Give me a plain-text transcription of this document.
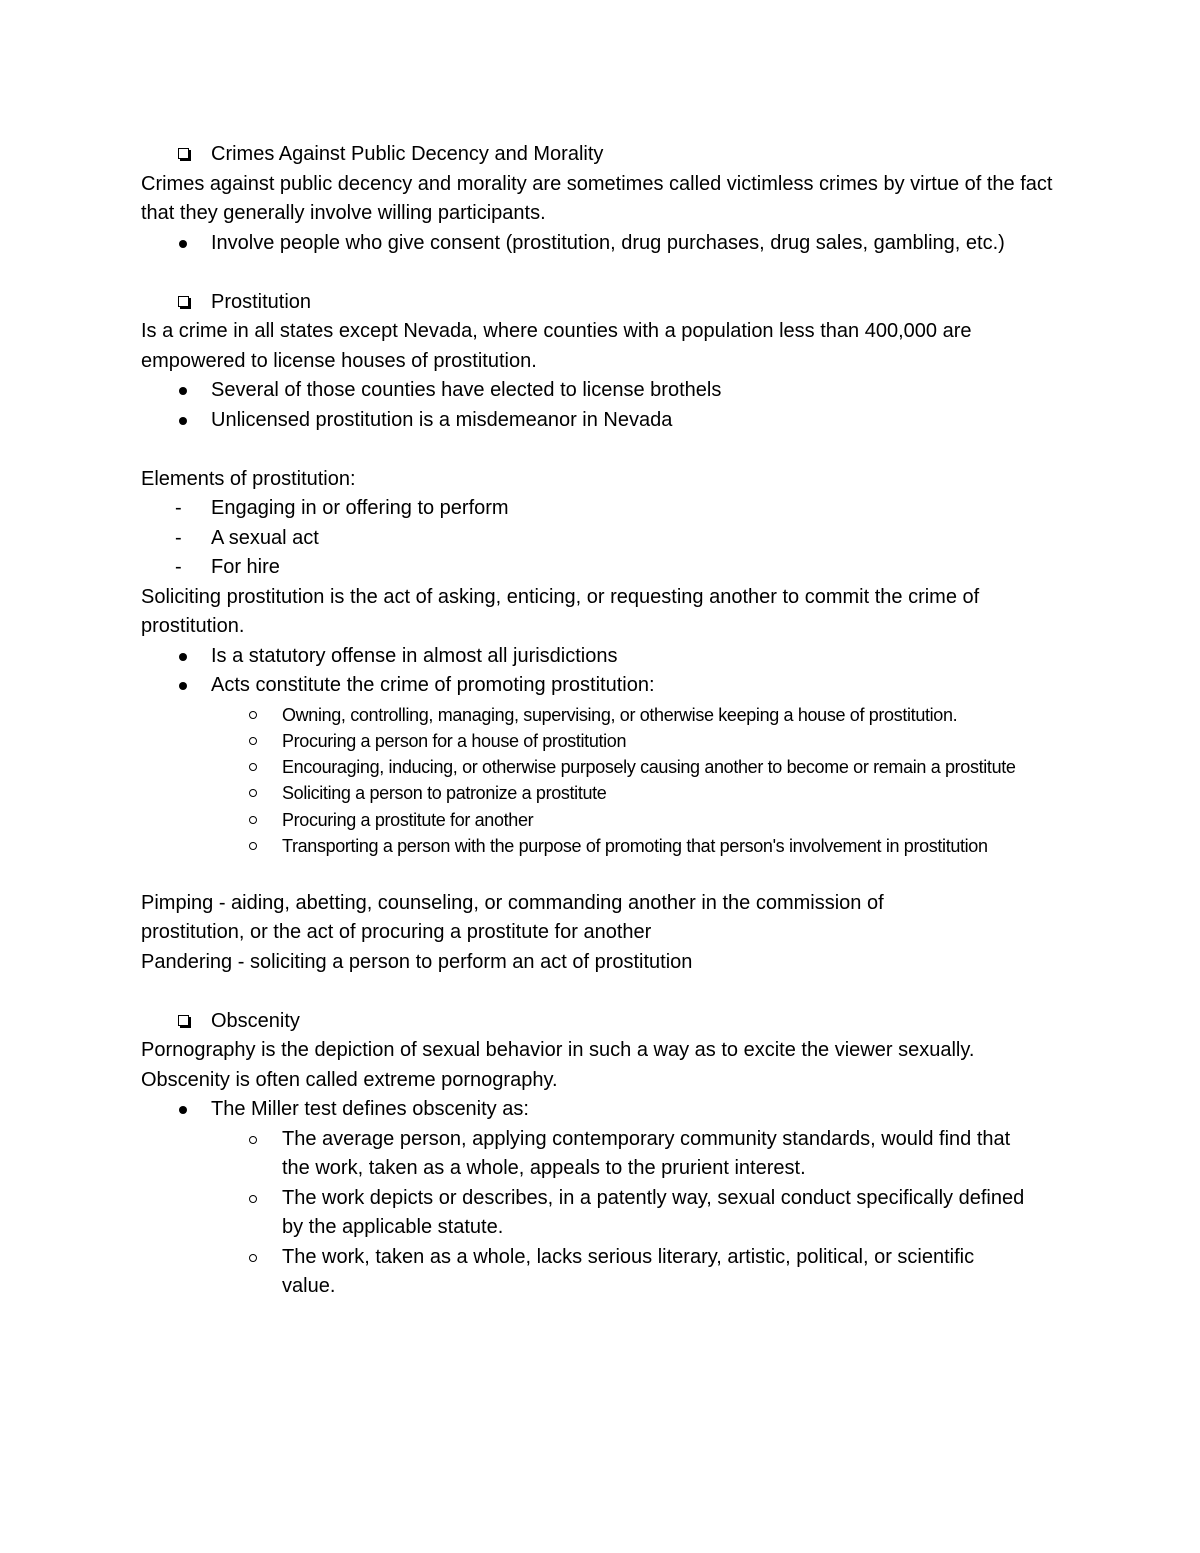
Crimes Against Public Decency and Morality

Crimes against public decency and morality are sometimes called victimless crimes by virtue of the fact that they generally involve willing participants.

Involve people who give consent (prostitution, drug purchases, drug sales, gambling, etc.)
Prostitution

Is a crime in all states except Nevada, where counties with a population less than 400,000 are empowered to license houses of prostitution.

Several of those counties have elected to license brothels
Unlicensed prostitution is a misdemeanor in Nevada

Elements of prostitution:

- Engaging in or offering to perform
- A sexual act
- For hire

Soliciting prostitution is the act of asking, enticing, or requesting another to commit the crime of prostitution.

Is a statutory offense in almost all jurisdictions
Acts constitute the crime of promoting prostitution:
Owning, controlling, managing, supervising, or otherwise keeping a house of prostitution.
Procuring a person for a house of prostitution
Encouraging, inducing, or otherwise purposely causing another to become or remain a prostitute
Soliciting a person to patronize a prostitute
Procuring a prostitute for another
Transporting a person with the purpose of promoting that person's involvement in prostitution

Pimping - aiding, abetting, counseling, or commanding another in the commission of prostitution, or the act of procuring a prostitute for another

Pandering - soliciting a person to perform an act of prostitution

Obscenity

Pornography is the depiction of sexual behavior in such a way as to excite the viewer sexually. Obscenity is often called extreme pornography.

The Miller test defines obscenity as:
The average person, applying contemporary community standards, would find that the work, taken as a whole, appeals to the prurient interest.
The work depicts or describes, in a patently way, sexual conduct specifically defined by the applicable statute.
The work, taken as a whole, lacks serious literary, artistic, political, or scientific value.
